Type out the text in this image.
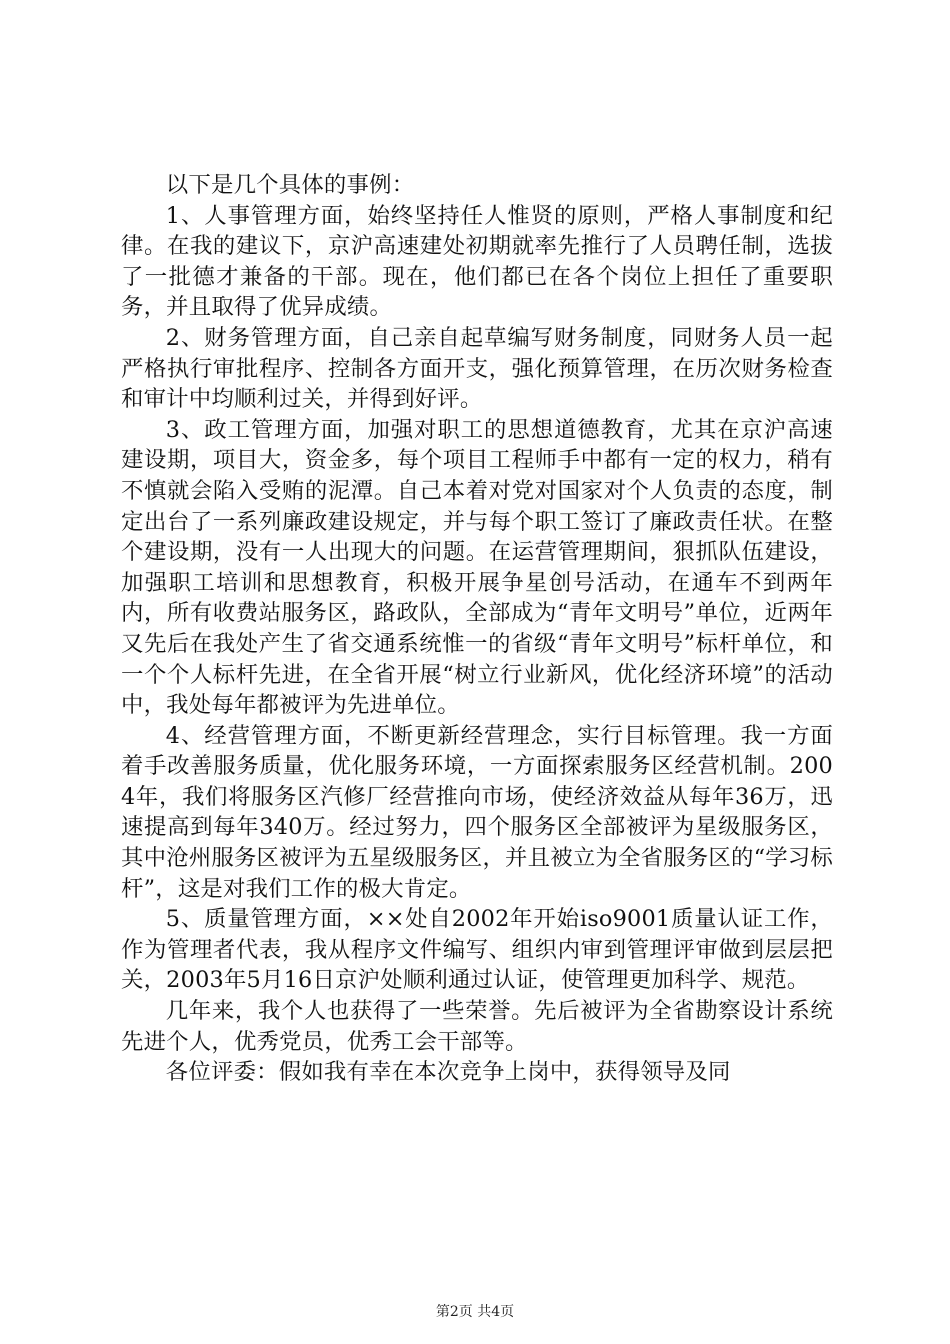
以下是几个具体的事例：

1、人事管理方面，始终坚持任人惟贤的原则，严格人事制度和纪律。在我的建议下，京沪高速建处初期就率先推行了人员聘任制，选拔了一批德才兼备的干部。现在，他们都已在各个岗位上担任了重要职务，并且取得了优异成绩。

2、财务管理方面，自己亲自起草编写财务制度，同财务人员一起严格执行审批程序、控制各方面开支，强化预算管理，在历次财务检查和审计中均顺利过关，并得到好评。

3、政工管理方面，加强对职工的思想道德教育，尤其在京沪高速建设期，项目大，资金多，每个项目工程师手中都有一定的权力，稍有不慎就会陷入受贿的泥潭。自己本着对党对国家对个人负责的态度，制定出台了一系列廉政建设规定，并与每个职工签订了廉政责任状。在整个建设期，没有一人出现大的问题。在运营管理期间，狠抓队伍建设，加强职工培训和思想教育，积极开展争星创号活动，在通车不到两年内，所有收费站服务区，路政队，全部成为“青年文明号”单位，近两年又先后在我处产生了省交通系统惟一的省级“青年文明号”标杆单位，和一个个人标杆先进，在全省开展“树立行业新风，优化经济环境”的活动中，我处每年都被评为先进单位。

4、经营管理方面，不断更新经营理念，实行目标管理。我一方面着手改善服务质量，优化服务环境，一方面探索服务区经营机制。2004年，我们将服务区汽修厂经营推向市场，使经济效益从每年36万，迅速提高到每年340万。经过努力，四个服务区全部被评为星级服务区，其中沧州服务区被评为五星级服务区，并且被立为全省服务区的“学习标杆”，这是对我们工作的极大肯定。

5、质量管理方面，××处自2002年开始iso9001质量认证工作，作为管理者代表，我从程序文件编写、组织内审到管理评审做到层层把关，2003年5月16日京沪处顺利通过认证，使管理更加科学、规范。

几年来，我个人也获得了一些荣誉。先后被评为全省勘察设计系统先进个人，优秀党员，优秀工会干部等。

各位评委：假如我有幸在本次竞争上岗中，获得领导及同

第2页 共4页
